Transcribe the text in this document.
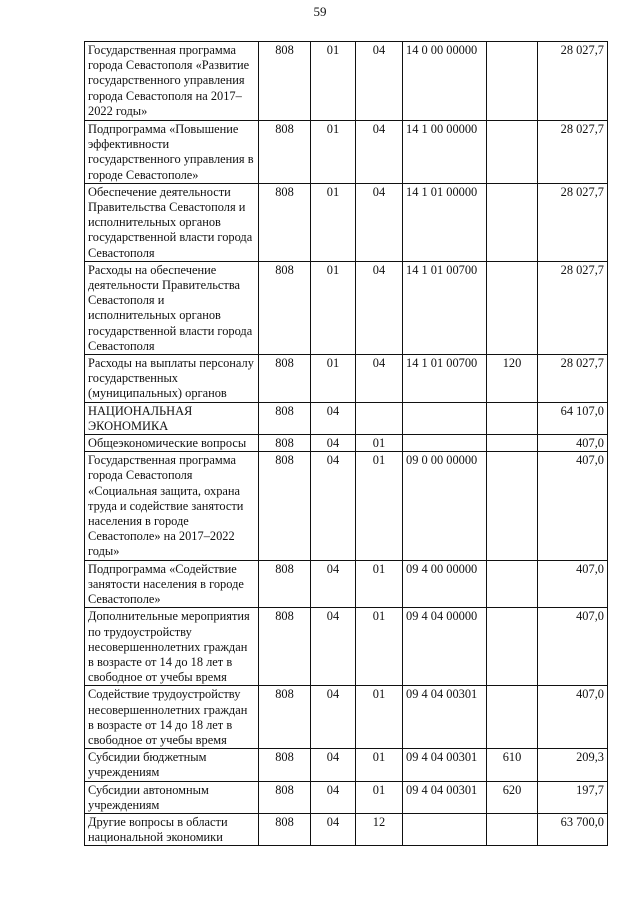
59
Государственная программа города Севастополя «Развитие государственного управления города Севастополя на 2017–2022 годы»	808	01	04	14 0 00 00000		28 027,7
Подпрограмма «Повышение эффективности государственного управления в городе Севастополе»	808	01	04	14 1 00 00000		28 027,7
Обеспечение деятельности Правительства Севастополя и исполнительных органов государственной власти города Севастополя	808	01	04	14 1 01 00000		28 027,7
Расходы на обеспечение деятельности Правительства Севастополя и исполнительных органов государственной власти города Севастополя	808	01	04	14 1 01 00700		28 027,7
Расходы на выплаты персоналу государственных (муниципальных) органов	808	01	04	14 1 01 00700	120	28 027,7
НАЦИОНАЛЬНАЯ ЭКОНОМИКА	808	04				64 107,0
Общеэкономические вопросы	808	04	01			407,0
Государственная программа города Севастополя «Социальная защита, охрана труда и содействие занятости населения в городе Севастополе» на 2017–2022 годы»	808	04	01	09 0 00 00000		407,0
Подпрограмма «Содействие занятости населения в городе Севастополе»	808	04	01	09 4 00 00000		407,0
Дополнительные мероприятия по трудоустройству несовершеннолетних граждан в возрасте от 14 до 18 лет в свободное от учебы время	808	04	01	09 4 04 00000		407,0
Содействие трудоустройству несовершеннолетних граждан в возрасте от 14 до 18 лет в свободное от учебы время	808	04	01	09 4 04 00301		407,0
Субсидии бюджетным учреждениям	808	04	01	09 4 04 00301	610	209,3
Субсидии автономным учреждениям	808	04	01	09 4 04 00301	620	197,7
Другие вопросы в области национальной экономики	808	04	12			63 700,0
